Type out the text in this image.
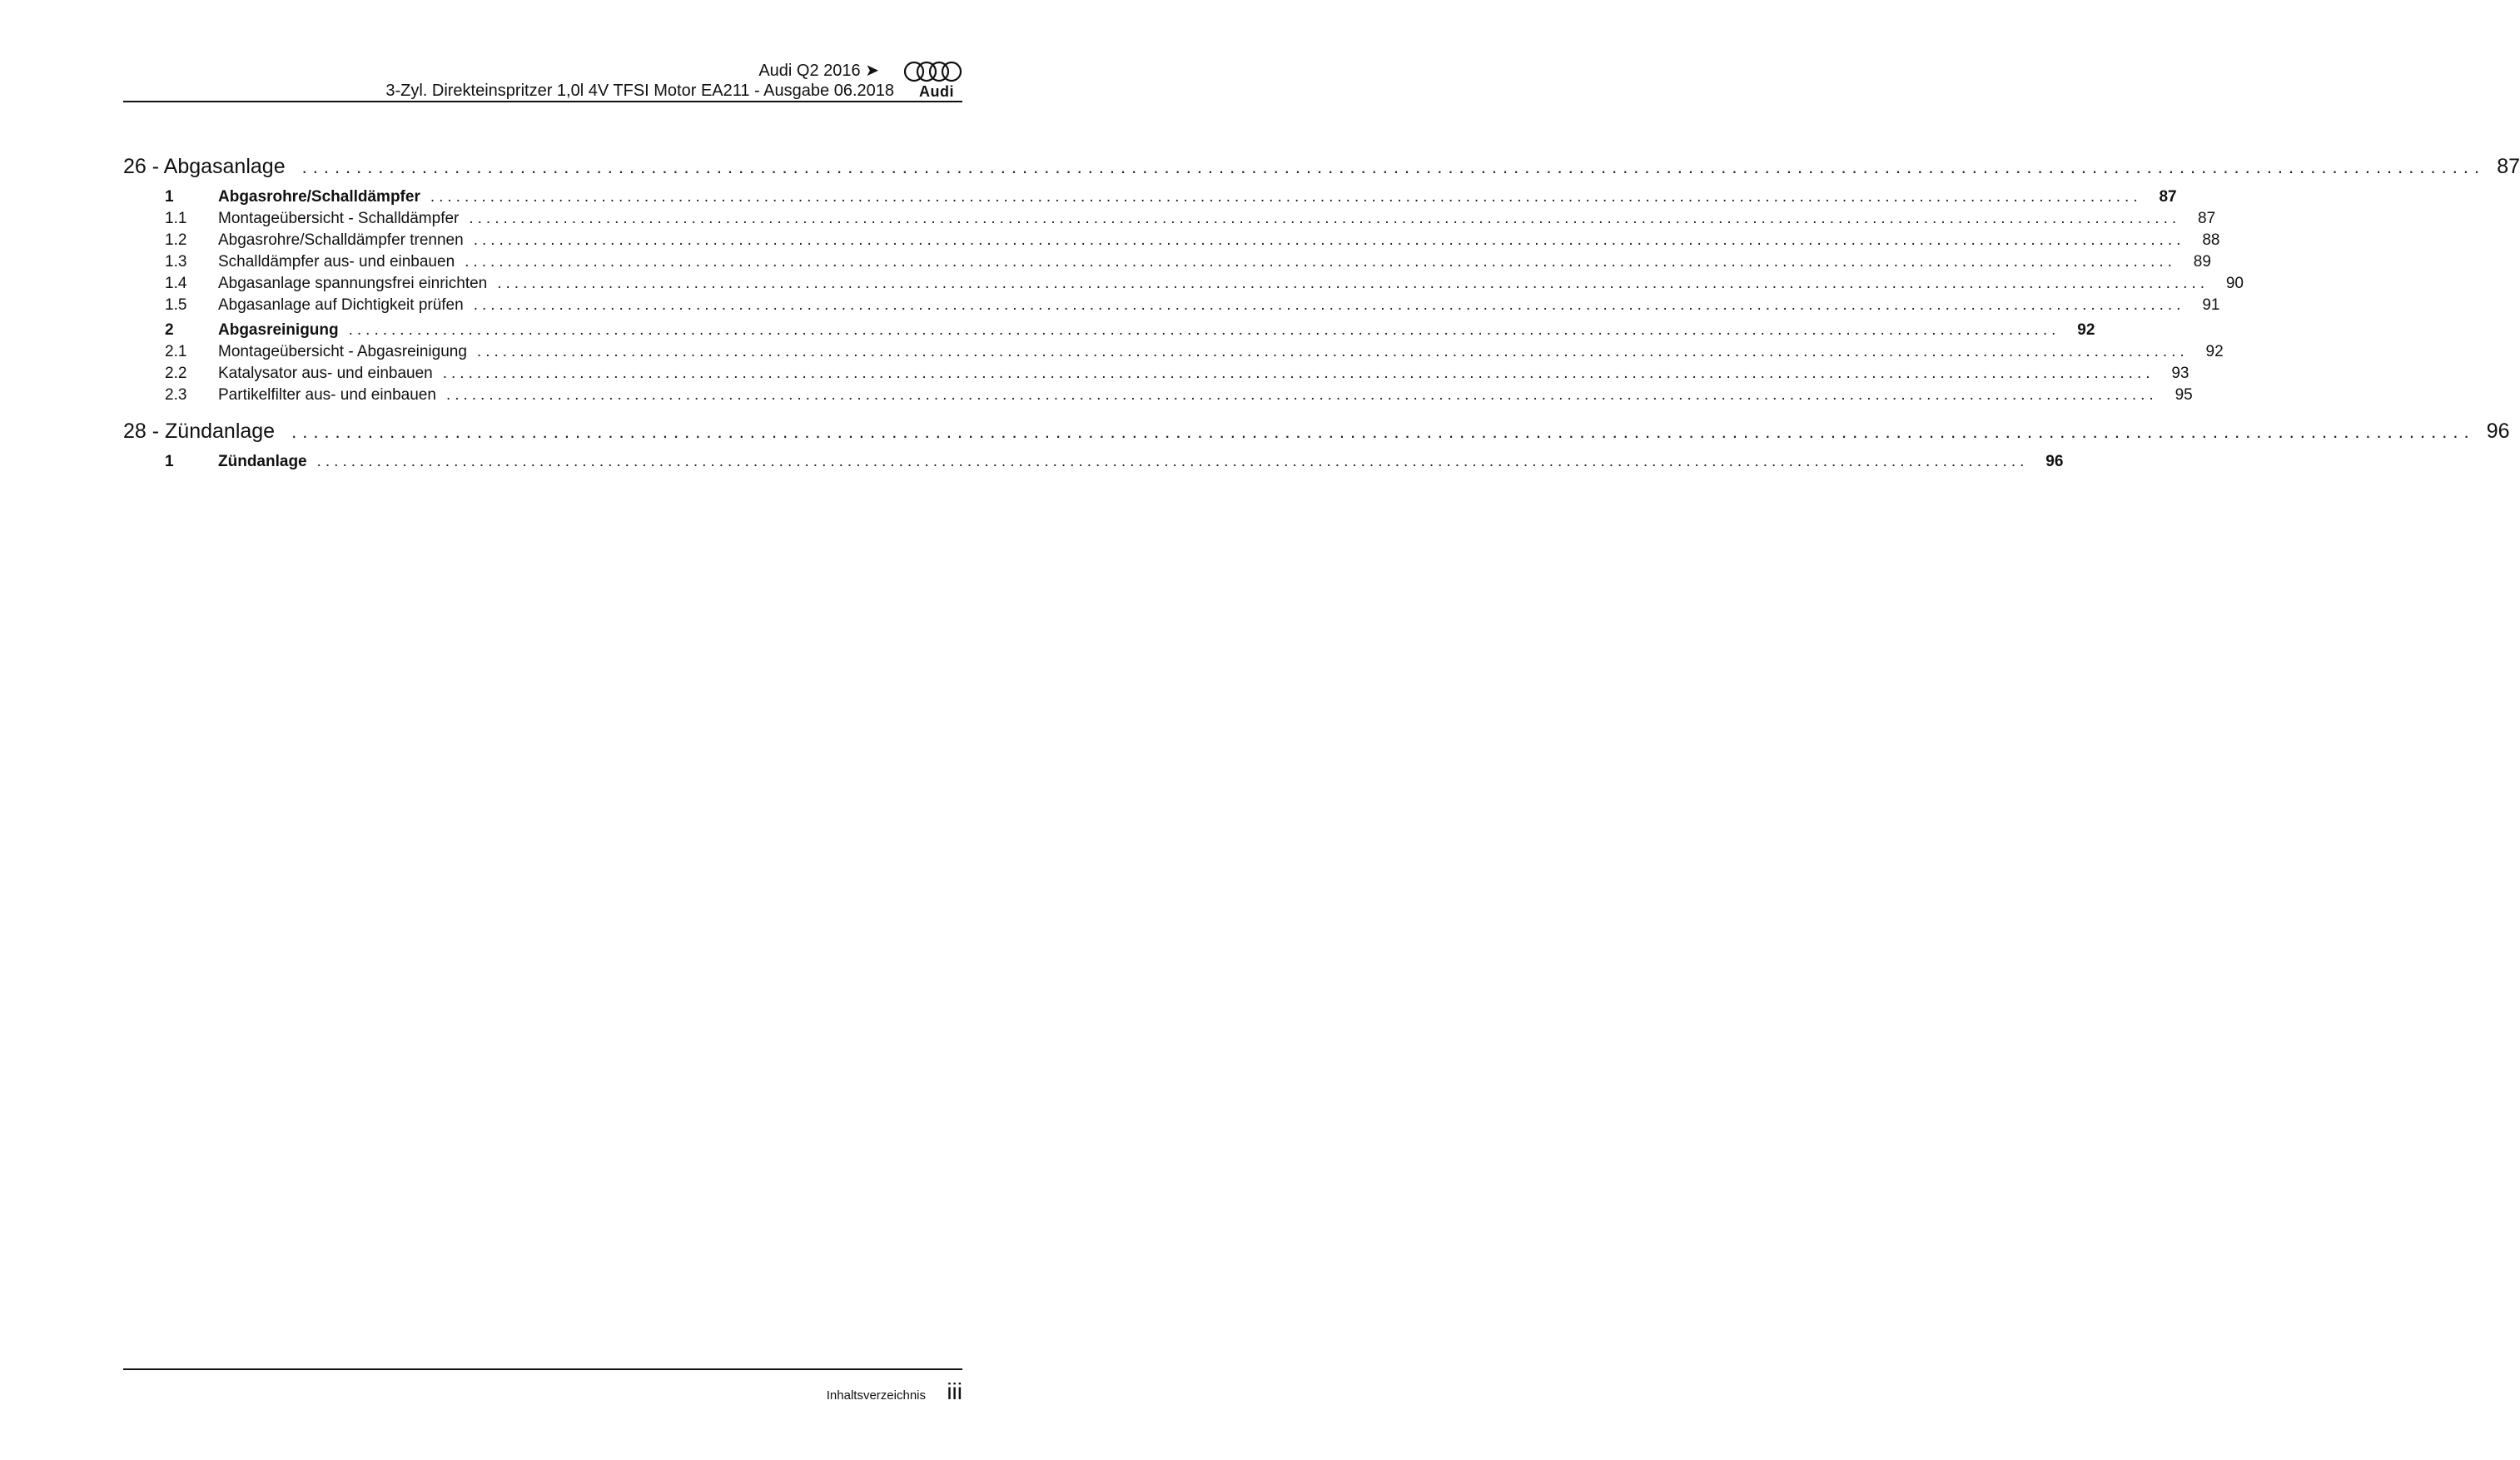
Audi Q2 2016 ➤
3-Zyl. Direkteinspritzer 1,0l 4V TFSI Motor EA211 - Ausgabe 06.2018 Audi
26 - Abgasanlage ........................................................................................................................................................................................................ 87
1	Abgasrohre/Schalldämpfer ........................................................................................................................................................................................................	87
1.1	Montageübersicht - Schalldämpfer ........................................................................................................................................................................................................	87
1.2	Abgasrohre/Schalldämpfer trennen ........................................................................................................................................................................................................	88
1.3	Schalldämpfer aus- und einbauen ........................................................................................................................................................................................................	89
1.4	Abgasanlage spannungsfrei einrichten ........................................................................................................................................................................................................	90
1.5	Abgasanlage auf Dichtigkeit prüfen ........................................................................................................................................................................................................	91
2	Abgasreinigung ........................................................................................................................................................................................................	92
2.1	Montageübersicht - Abgasreinigung ........................................................................................................................................................................................................	92
2.2	Katalysator aus- und einbauen ........................................................................................................................................................................................................	93
2.3	Partikelfilter aus- und einbauen ........................................................................................................................................................................................................	95
28 - Zündanlage ........................................................................................................................................................................................................ 96
1	Zündanlage ........................................................................................................................................................................................................	96
Inhaltsverzeichnis iii
